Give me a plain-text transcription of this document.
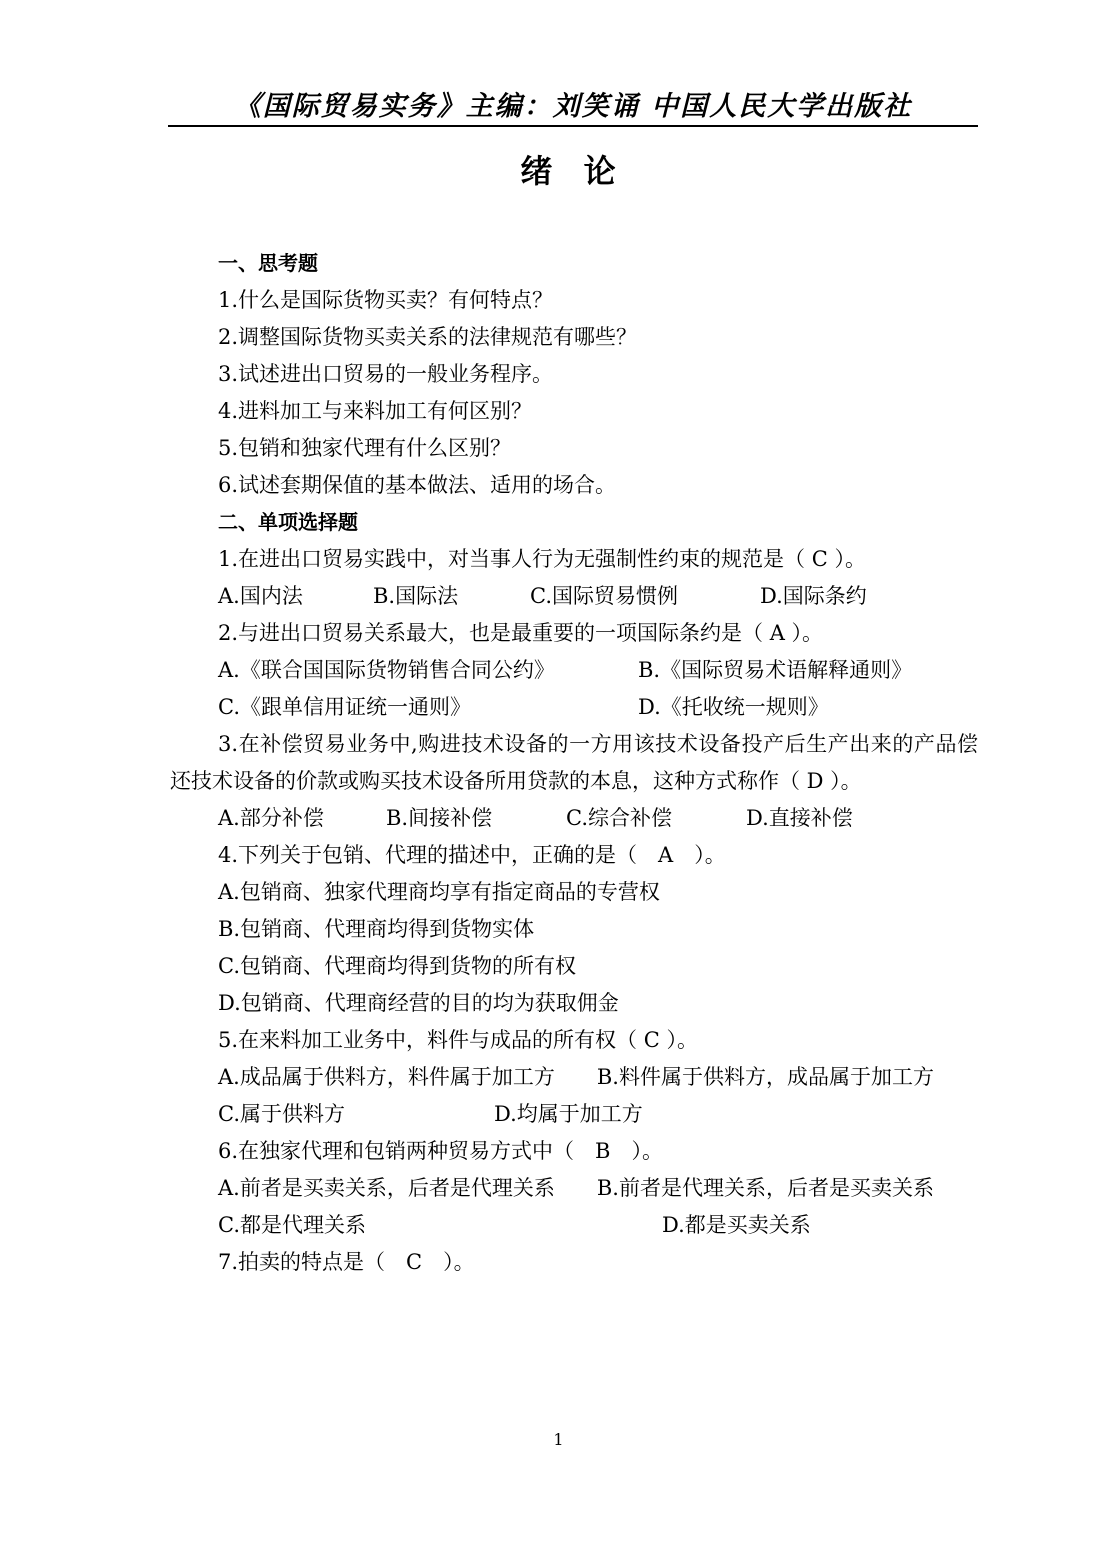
《国际贸易实务》主编：刘笑诵 中国人民大学出版社
绪 论
一、思考题
1.什么是国际货物买卖？有何特点？
2.调整国际货物买卖关系的法律规范有哪些？
3.试述进出口贸易的一般业务程序。
4.进料加工与来料加工有何区别？
5.包销和独家代理有什么区别？
6.试述套期保值的基本做法、适用的场合。
二、单项选择题
1.在进出口贸易实践中，对当事人行为无强制性约束的规范是（ C ）。
A.国内法	B.国际法	C.国际贸易惯例	D.国际条约
2.与进出口贸易关系最大，也是最重要的一项国际条约是（ A ）。
A.《联合国国际货物销售合同公约》	B.《国际贸易术语解释通则》
C.《跟单信用证统一通则》	D.《托收统一规则》
3.在补偿贸易业务中,购进技术设备的一方用该技术设备投产后生产出来的产品偿还技术设备的价款或购买技术设备所用贷款的本息，这种方式称作（ D ）。
A.部分补偿	B.间接补偿	C.综合补偿	D.直接补偿
4.下列关于包销、代理的描述中，正确的是（　A　）。
A.包销商、独家代理商均享有指定商品的专营权
B.包销商、代理商均得到货物实体
C.包销商、代理商均得到货物的所有权
D.包销商、代理商经营的目的均为获取佣金
5.在来料加工业务中，料件与成品的所有权（ C ）。
A.成品属于供料方，料件属于加工方　　B.料件属于供料方，成品属于加工方
C.属于供料方	D.均属于加工方
6.在独家代理和包销两种贸易方式中（　B　）。
A.前者是买卖关系，后者是代理关系　　B.前者是代理关系，后者是买卖关系
C.都是代理关系	D.都是买卖关系
7.拍卖的特点是（　C　）。
1
